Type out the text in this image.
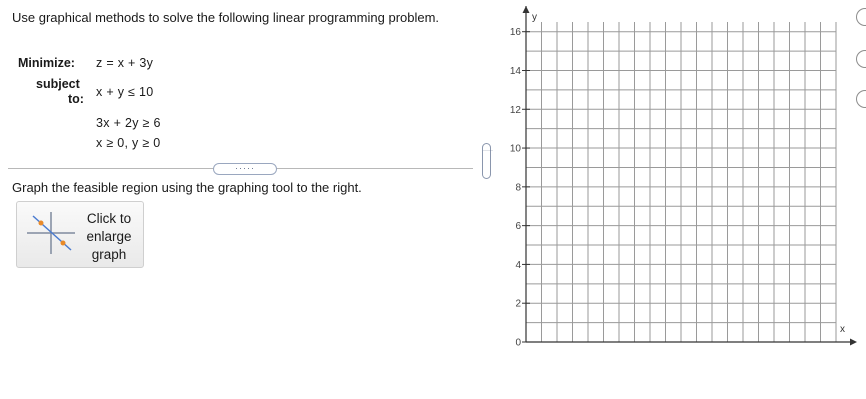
Use graphical methods to solve the following linear programming problem.
Minimize: z = x + 3y
subject
to: x + y ≤ 10
3x + 2y ≥ 6
x ≥ 0, y ≥ 0
·····
Graph the feasible region using the graphing tool to the right.
Click to
enlarge
graph
·····
y
x
0
2
4
6
8
10
12
14
16
